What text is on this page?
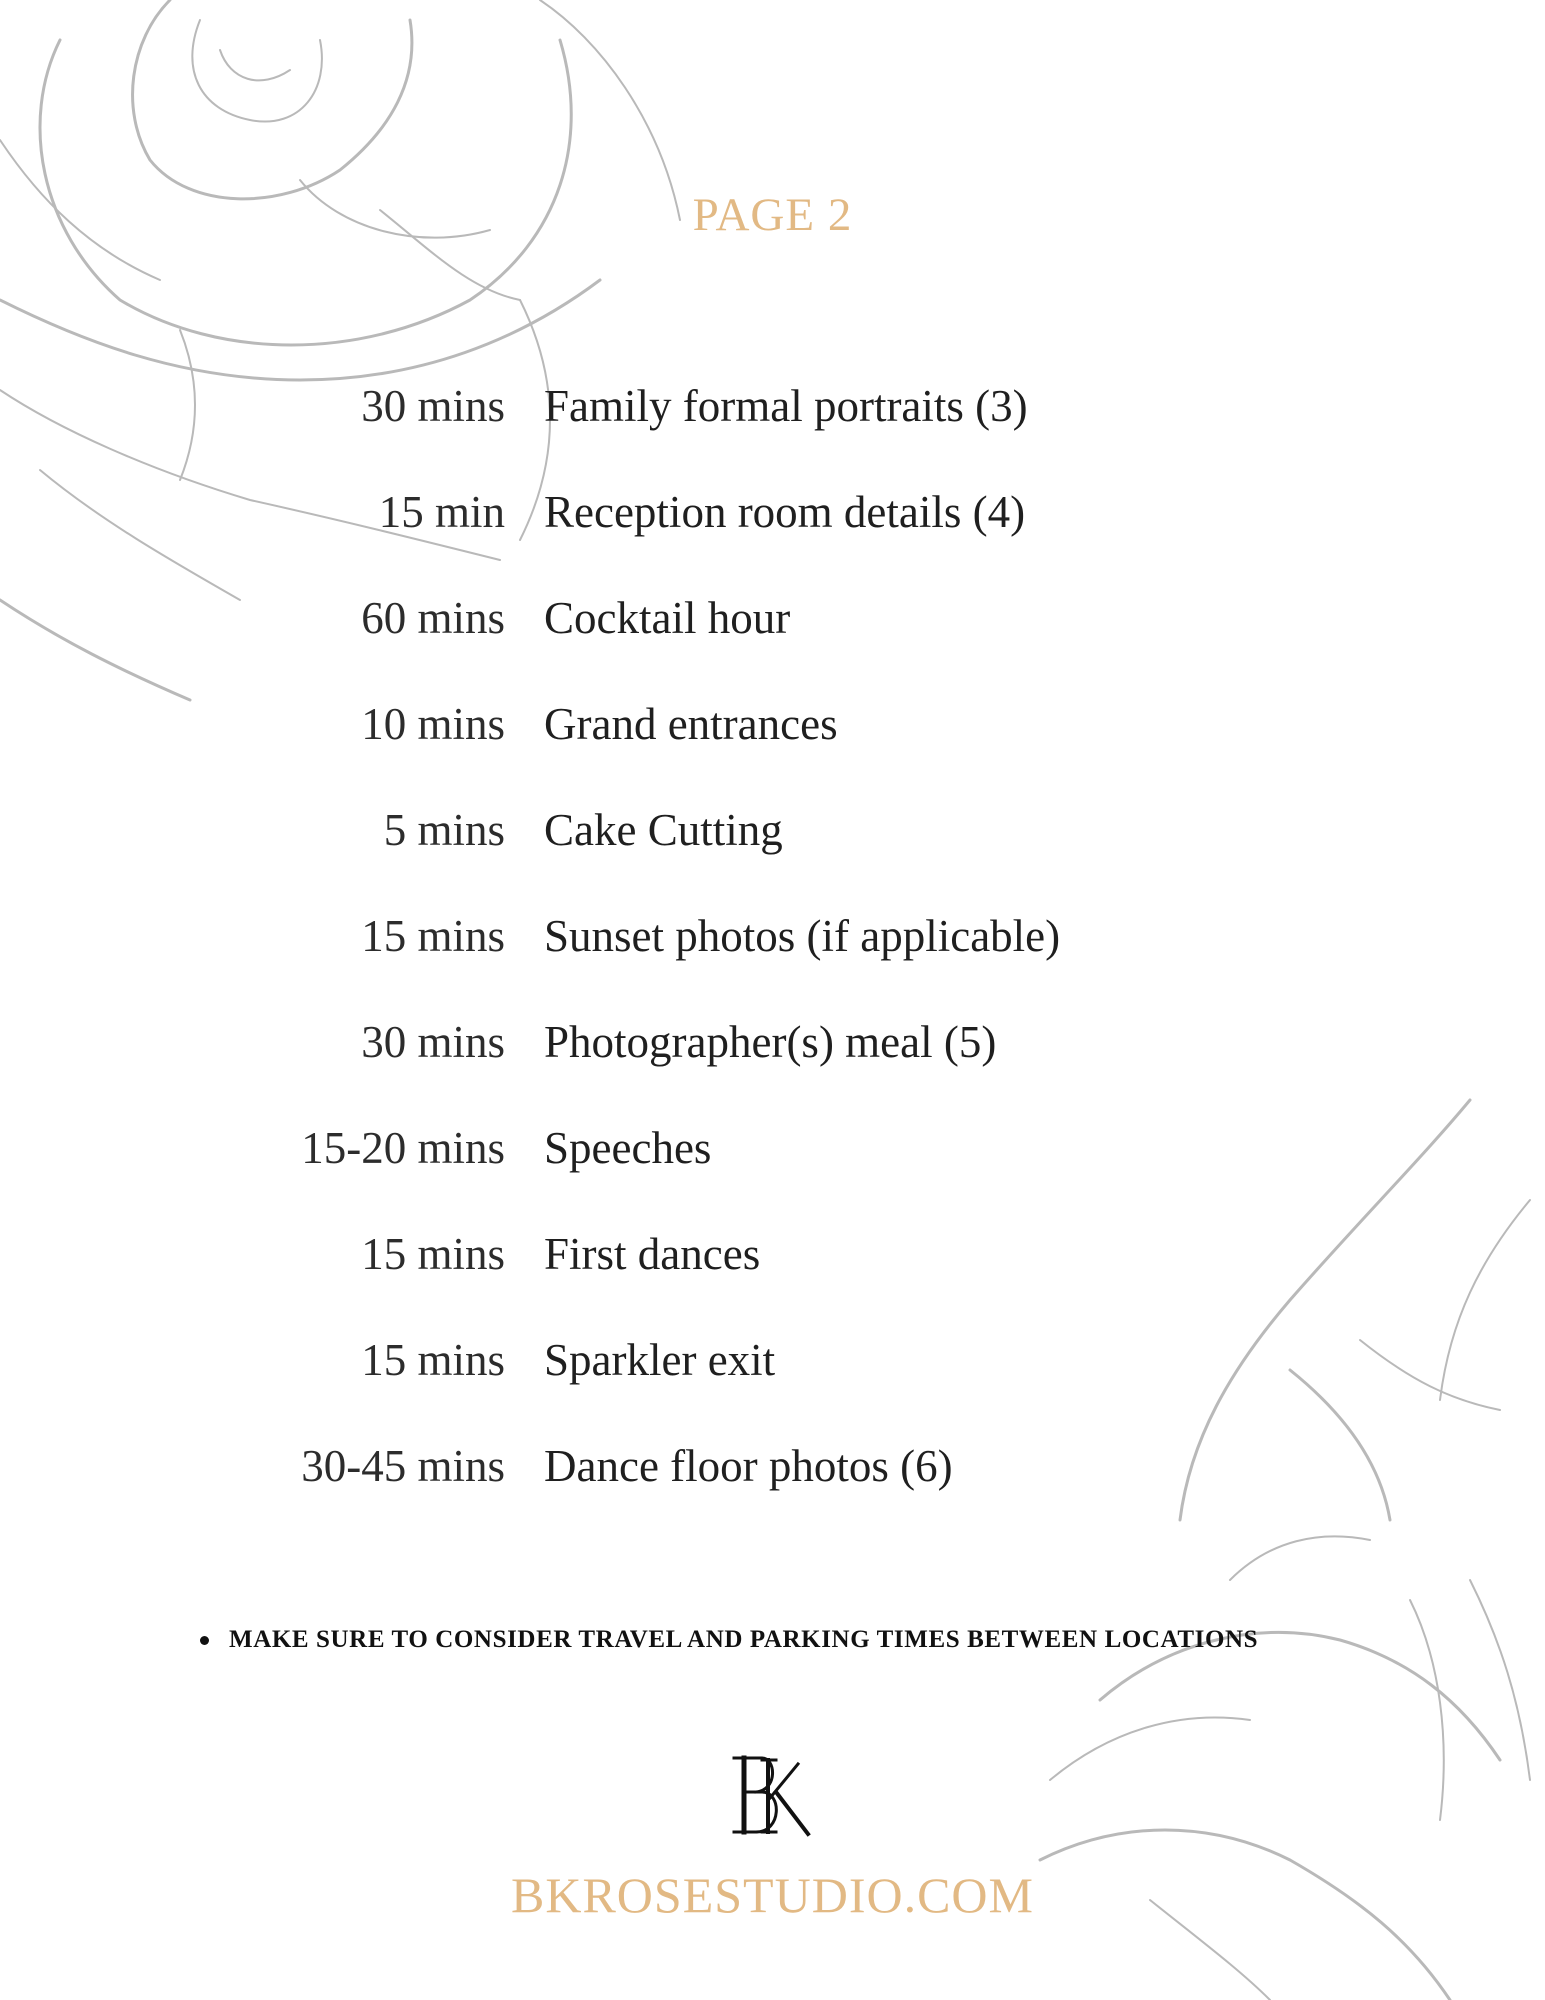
PAGE 2
30 mins Family formal portraits (3)
15 min Reception room details (4)
60 mins Cocktail hour
10 mins Grand entrances
5 mins Cake Cutting
15 mins Sunset photos (if applicable)
30 mins Photographer(s) meal (5)
15-20 mins Speeches
15 mins First dances
15 mins Sparkler exit
30-45 mins Dance floor photos (6)
MAKE SURE TO CONSIDER TRAVEL AND PARKING TIMES BETWEEN LOCATIONS
BKROSESTUDIO.COM
